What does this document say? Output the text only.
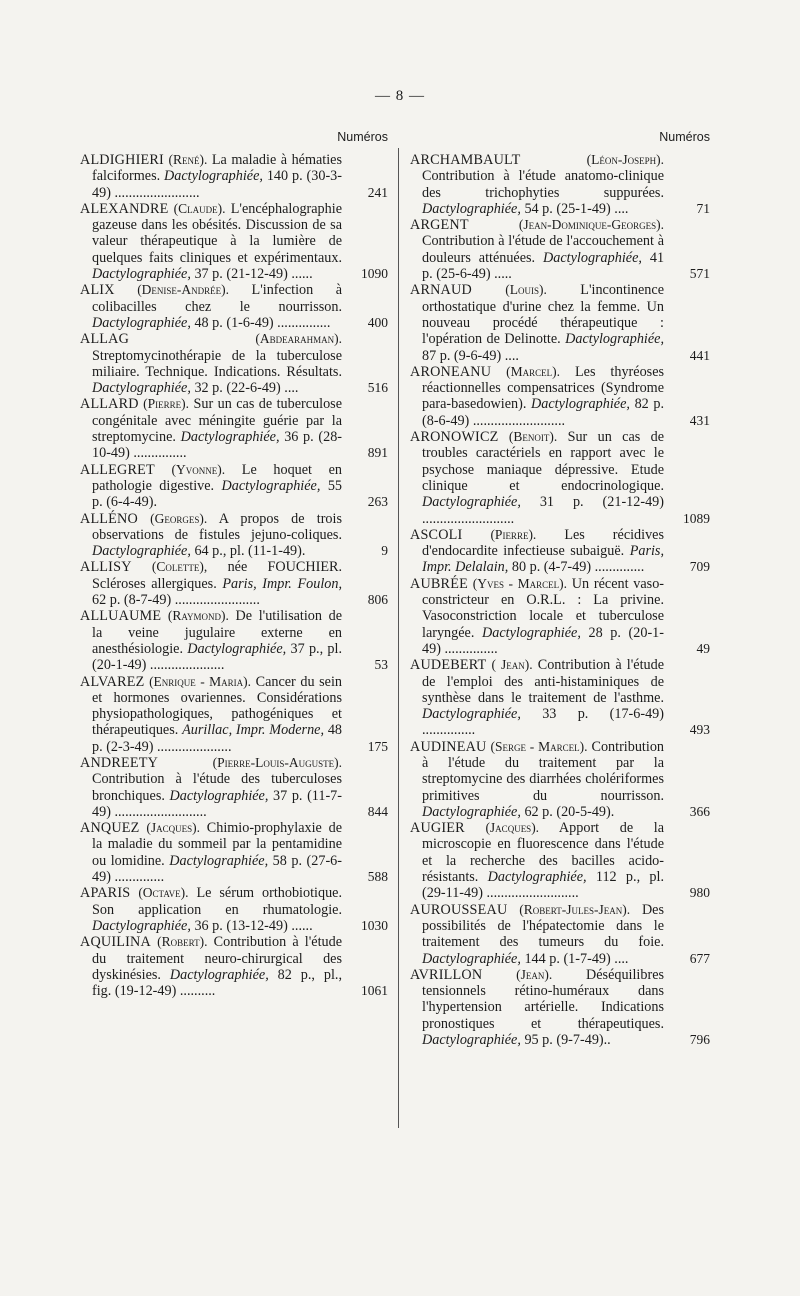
— 8 —
Numéros
ALDIGHIERI (René). La maladie à hématies falciformes. Dactylographiée, 140 p. (30-3-49) ........................	241
ALEXANDRE (Claude). L'encéphalographie gazeuse dans les obésités. Discussion de sa valeur thérapeutique à la lumière de quelques faits cliniques et expérimentaux. Dactylographiée, 37 p. (21-12-49) ......	1090
ALIX (Denise-Andrée). L'infection à colibacilles chez le nourrisson. Dactylographiée, 48 p. (1-6-49) ...............	400
ALLAG	(Abdearahman). Streptomycinothérapie de la tuberculose miliaire. Technique. Indications. Résultats. Dactylographiée, 32 p. (22-6-49) ....	516
ALLARD (Pierre). Sur un cas de tuberculose congénitale avec méningite guérie par la streptomycine. Dactylographiée, 36 p. (28-10-49) ...............	891
ALLEGRET (Yvonne). Le hoquet en pathologie digestive. Dactylographiée, 55 p. (6-4-49).	263
ALLÉNO (Georges). A propos de trois observations de fistules jejuno-coliques. Dactylographiée, 64 p., pl. (11-1-49).	9
ALLISY (Colette), née FOUCHIER. Scléroses allergiques. Paris, Impr. Foulon, 62 p. (8-7-49) ........................	806
ALLUAUME (Raymond). De l'utilisation de la veine jugulaire externe en anesthésiologie. Dactylographiée, 37 p., pl. (20-1-49) .....................	53
ALVAREZ (Enrique - Maria). Cancer du sein et hormones ovariennes. Considérations physiopathologiques, pathogéniques et thérapeutiques. Aurillac, Impr. Moderne, 48 p. (2-3-49) .....................	175
ANDREETY	(Pierre-Louis-Auguste). Contribution à l'étude des tuberculoses bronchiques. Dactylographiée, 37 p. (11-7-49) ..........................	844
ANQUEZ (Jacques). Chimio-prophylaxie de la maladie du sommeil par la pentamidine ou lomidine. Dactylographiée, 58 p. (27-6-49) ..............	588
APARIS (Octave). Le sérum orthobiotique. Son application en rhumatologie. Dactylographiée, 36 p. (13-12-49) ......	1030
AQUILINA (Robert). Contribution à l'étude du traitement neuro-chirurgical des dyskinésies. Dactylographiée, 82 p., pl., fig. (19-12-49) ..........	1061
Numéros
ARCHAMBAULT	(Léon-Joseph). Contribution à l'étude anatomo-clinique des trichophyties suppurées. Dactylographiée, 54 p. (25-1-49) ....	71
ARGENT	(Jean-Dominique-Georges). Contribution à l'étude de l'accouchement à douleurs atténuées. Dactylographiée, 41 p. (25-6-49) .....	571
ARNAUD (Louis). L'incontinence orthostatique d'urine chez la femme. Un nouveau procédé thérapeutique : l'opération de Delinotte. Dactylographiée, 87 p. (9-6-49) ....	441
ARONEANU (Marcel). Les thyréoses réactionnelles compensatrices (Syndrome para-basedowien). Dactylographiée, 82 p. (8-6-49) ..........................	431
ARONOWICZ (Benoit). Sur un cas de troubles caractériels en rapport avec le psychose maniaque dépressive. Etude clinique et endocrinologique. Dactylographiée, 31 p. (21-12-49) ..........................	1089
ASCOLI (Pierre). Les récidives d'endocardite infectieuse subaiguë. Paris, Impr. Delalain, 80 p. (4-7-49) ..............	709
AUBRÉE (Yves - Marcel). Un récent vaso-constricteur en O.R.L. : La privine. Vasoconstriction locale et tuberculose laryngée. Dactylographiée, 28 p. (20-1-49) ...............	49
AUDEBERT ( Jean). Contribution à l'étude de l'emploi des anti-histaminiques de synthèse dans le traitement de l'asthme. Dactylographiée, 33 p. (17-6-49) ...............	493
AUDINEAU (Serge - Marcel). Contribution à l'étude du traitement par la streptomycine des diarrhées cholériformes primitives du nourrisson. Dactylographiée, 62 p. (20-5-49).	366
AUGIER (Jacques). Apport de la microscopie en fluorescence dans l'étude et la recherche des bacilles acido-résistants. Dactylographiée, 112 p., pl. (29-11-49) ..........................	980
AUROUSSEAU (Robert-Jules-Jean). Des possibilités de l'hépatectomie dans le traitement des tumeurs du foie. Dactylographiée, 144 p. (1-7-49) ....	677
AVRILLON	(Jean). Déséquilibres tensionnels rétino-huméraux dans l'hypertension artérielle. Indications pronostiques et thérapeutiques. Dactylographiée, 95 p. (9-7-49)..	796
